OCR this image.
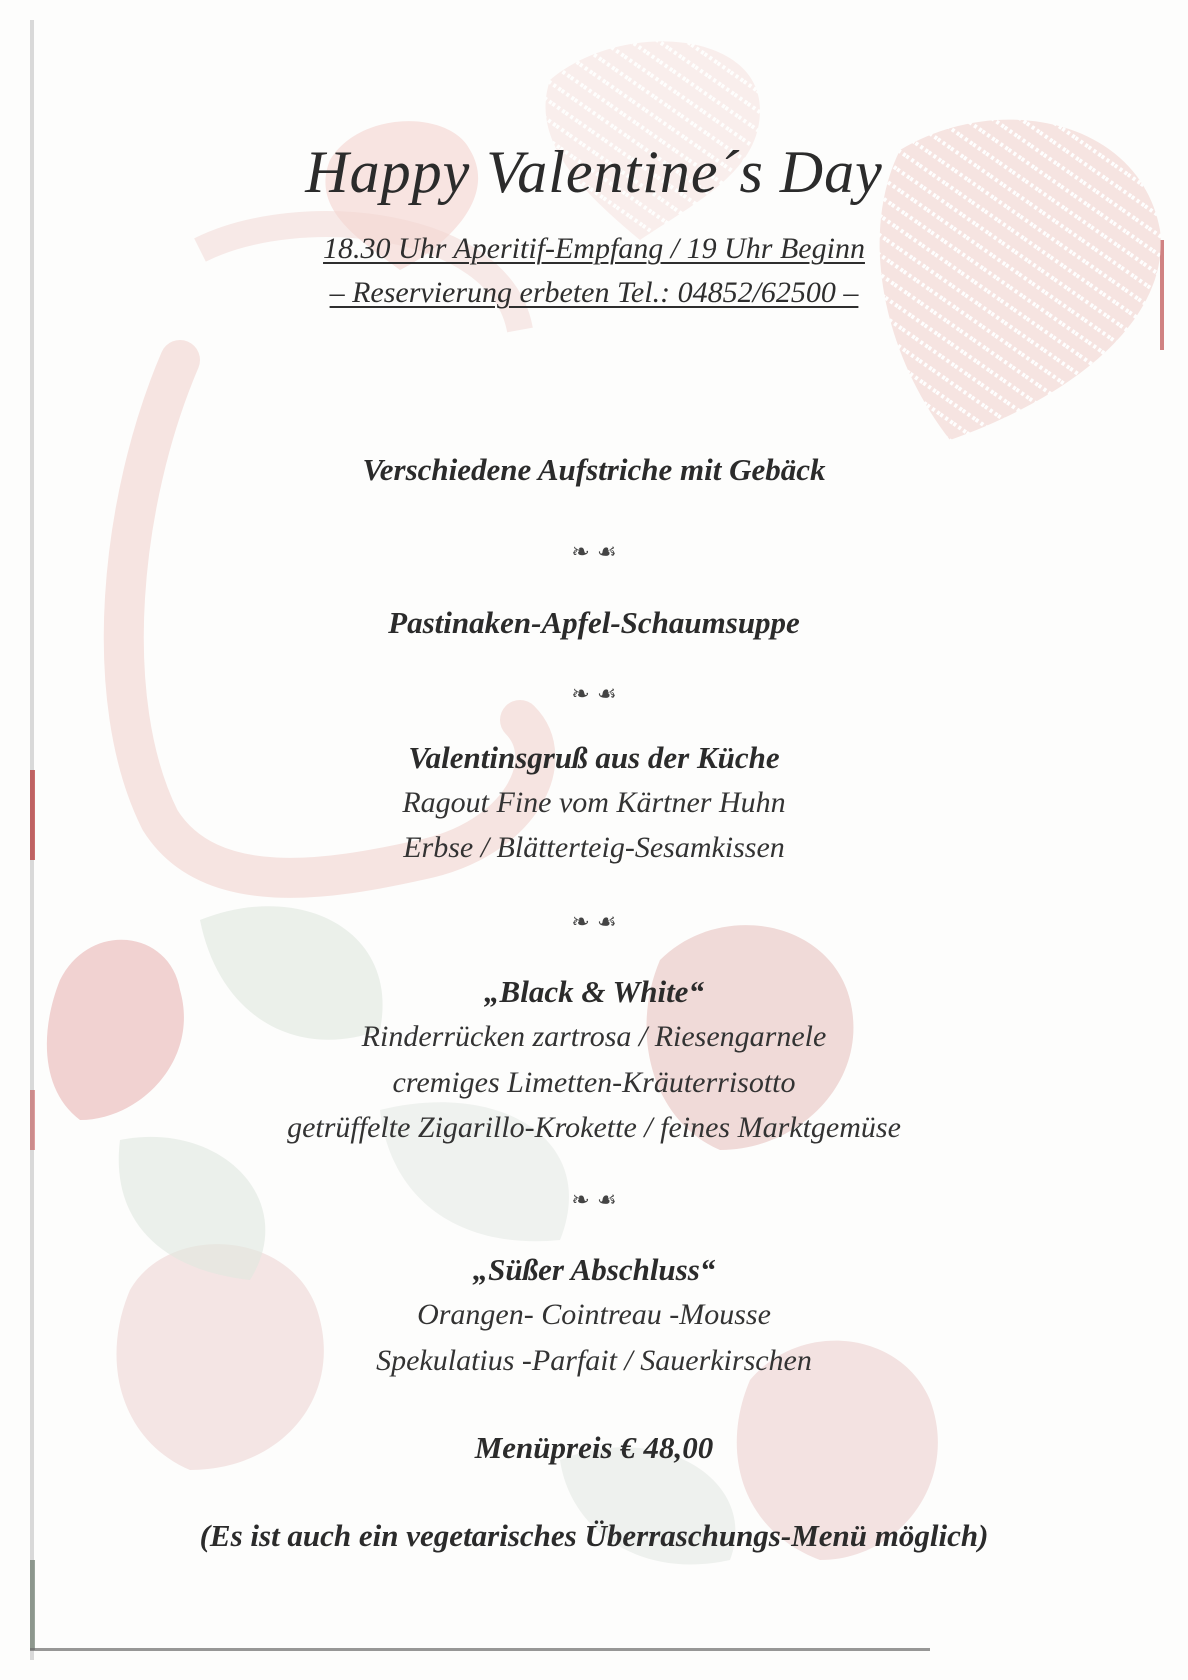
Happy Valentine´s Day
18.30 Uhr Aperitif-Empfang / 19 Uhr Beginn
– Reservierung erbeten Tel.: 04852/62500 –
Verschiedene Aufstriche mit Gebäck
❧ ☙
Pastinaken-Apfel-Schaumsuppe
❧ ☙
Valentinsgruß aus der Küche
Ragout Fine vom Kärtner Huhn
Erbse / Blätterteig-Sesamkissen
❧ ☙
„Black & White“
Rinderrücken zartrosa / Riesengarnele
cremiges Limetten-Kräuterrisotto
getrüffelte Zigarillo-Krokette / feines Marktgemüse
❧ ☙
„Süßer Abschluss“
Orangen- Cointreau -Mousse
Spekulatius -Parfait / Sauerkirschen
Menüpreis € 48,00
(Es ist auch ein vegetarisches Überraschungs-Menü möglich)
